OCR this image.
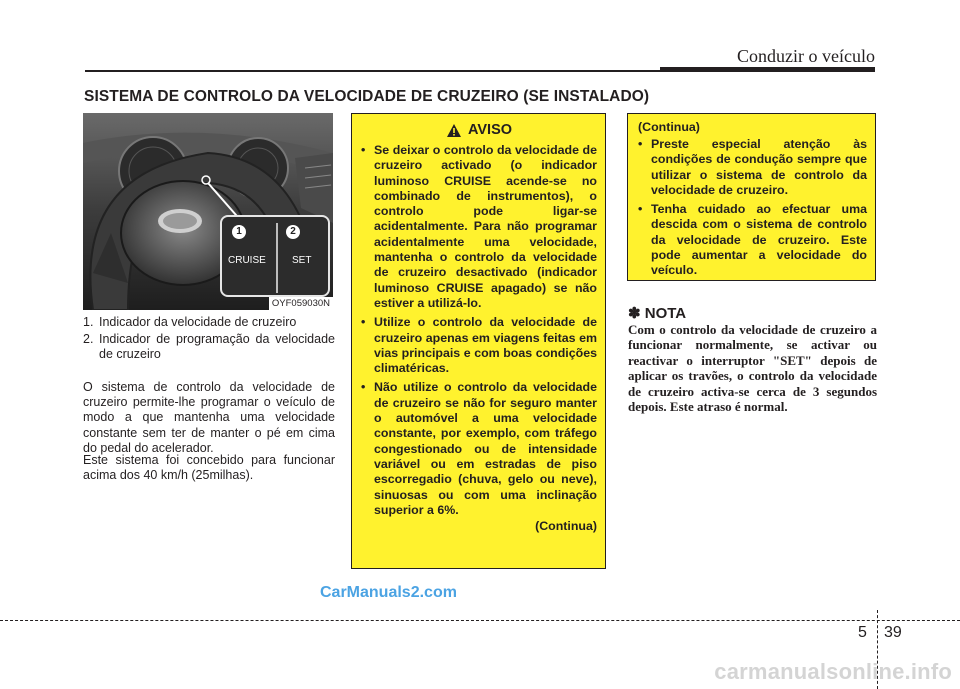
Conduzir o veículo
SISTEMA DE CONTROLO DA VELOCIDADE DE CRUZEIRO (SE INSTALADO)
1	2
CRUISE	SET
OYF059030N
1. Indicador da velocidade de cruzeiro
2. Indicador de programação da velocidade de cruzeiro
O sistema de controlo da velocidade de cruzeiro permite-lhe programar o veículo de modo a que mantenha uma velocidade constante sem ter de manter o pé em cima do pedal do acelerador.
Este sistema foi concebido para funcionar acima dos 40 km/h (25milhas).
AVISO
• Se deixar o controlo da velocidade de cruzeiro activado (o indicador luminoso CRUISE acende-se no combinado de instrumentos), o controlo pode ligar-se acidentalmente. Para não programar acidentalmente uma velocidade, mantenha o controlo da velocidade de cruzeiro desactivado (indicador luminoso CRUISE apagado) se não estiver a utilizá-lo.
• Utilize o controlo da velocidade de cruzeiro apenas em viagens feitas em vias principais e com boas condições climatéricas.
• Não utilize o controlo da velocidade de cruzeiro se não for seguro manter o automóvel a uma velocidade constante, por exemplo, com tráfego congestionado ou de intensidade variável ou em estradas de piso escorregadio (chuva, gelo ou neve), sinuosas ou com uma inclinação superior a 6%.
(Continua)
(Continua)
• Preste especial atenção às condições de condução sempre que utilizar o sistema de controlo da velocidade de cruzeiro.
• Tenha cuidado ao efectuar uma descida com o sistema de controlo da velocidade de cruzeiro. Este pode aumentar a velocidade do veículo.
✽ NOTA
Com o controlo da velocidade de cruzeiro a funcionar normalmente, se activar ou reactivar o interruptor "SET" depois de aplicar os travões, o controlo da velocidade de cruzeiro activa-se cerca de 3 segundos depois. Este atraso é normal.
CarManuals2.com
5 39
carmanualsonline.info
